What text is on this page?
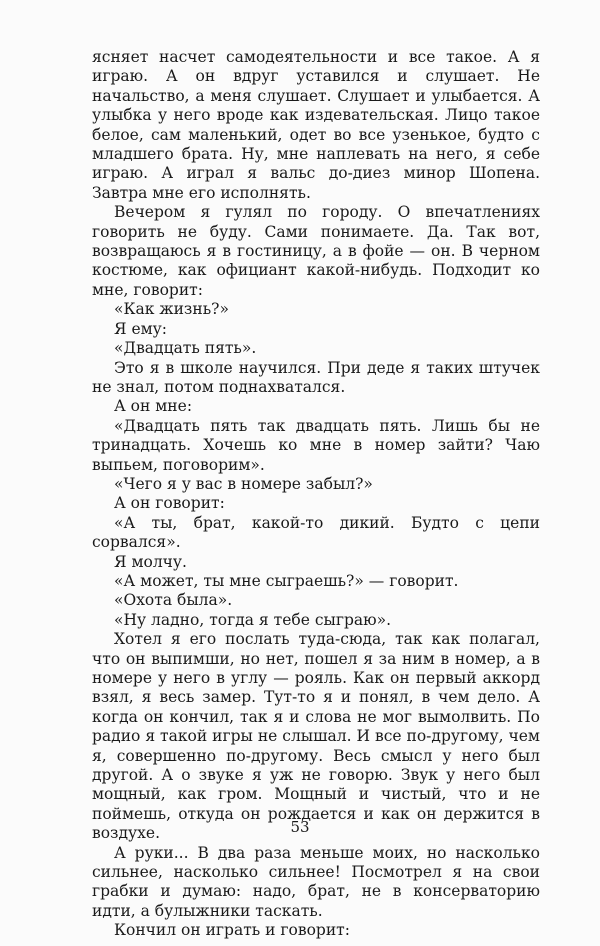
ясняет насчет самодеятельности и все такое. А я играю. А он вдруг уставился и слушает. Не начальство, а меня слушает. Слушает и улыбается. А улыбка у него вроде как издевательская. Лицо такое белое, сам маленький, одет во все узенькое, будто с младшего брата. Ну, мне наплевать на него, я себе играю. А играл я вальс до-диез минор Шопена. Завтра мне его исполнять.

Вечером я гулял по городу. О впечатлениях говорить не буду. Сами понимаете. Да. Так вот, возвращаюсь я в гостиницу, а в фойе — он. В черном костюме, как официант какой-нибудь. Подходит ко мне, говорит:

«Как жизнь?»

Я ему:

«Двадцать пять».

Это я в школе научился. При деде я таких штучек не знал, потом поднахватался.

А он мне:

«Двадцать пять так двадцать пять. Лишь бы не тринадцать. Хочешь ко мне в номер зайти? Чаю выпьем, поговорим».

«Чего я у вас в номере забыл?»

А он говорит:

«А ты, брат, какой-то дикий. Будто с цепи сорвался».

Я молчу.

«А может, ты мне сыграешь?» — говорит.

«Охота была».

«Ну ладно, тогда я тебе сыграю».

Хотел я его послать туда-сюда, так как полагал, что он выпимши, но нет, пошел я за ним в номер, а в номере у него в углу — рояль. Как он первый аккорд взял, я весь замер. Тут-то я и понял, в чем дело. А когда он кончил, так я и слова не мог вымолвить. По радио я такой игры не слышал. И все по-другому, чем я, совершенно по-другому. Весь смысл у него был другой. А о звуке я уж не говорю. Звук у него был мощный, как гром. Мощный и чистый, что и не поймешь, откуда он рождается и как он держится в воздухе.

А руки... В два раза меньше моих, но насколько сильнее, насколько сильнее! Посмотрел я на свои грабки и думаю: надо, брат, не в консерваторию идти, а булыжники таскать.

Кончил он играть и говорит:

53
